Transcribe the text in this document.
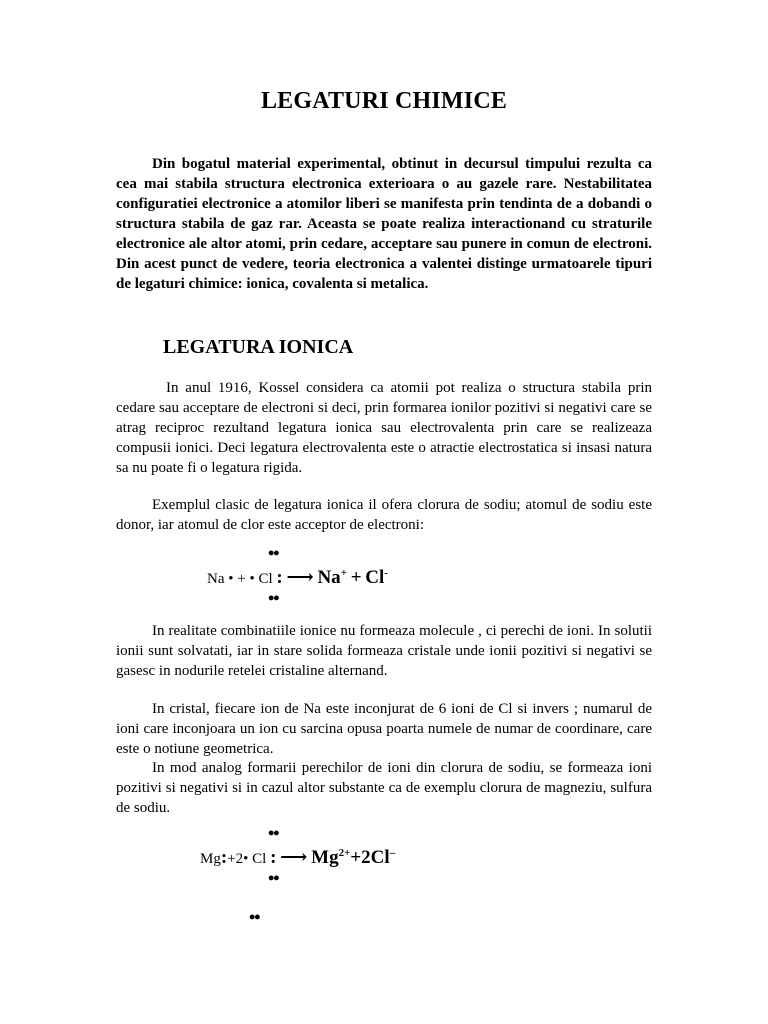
LEGATURI CHIMICE
Din bogatul material experimental, obtinut in decursul timpului rezulta ca cea mai stabila structura electronica exterioara o au gazele rare. Nestabilitatea configuratiei electronice a atomilor liberi se manifesta prin tendinta de a dobandi o structura stabila de gaz rar. Aceasta se poate realiza interactionand cu straturile electronice ale altor atomi, prin cedare, acceptare sau punere in comun de electroni. Din acest punct de vedere, teoria electronica a valentei distinge urmatoarele tipuri de legaturi chimice: ionica, covalenta si metalica.
LEGATURA IONICA
In anul 1916, Kossel considera ca atomii pot realiza o structura stabila prin cedare sau acceptare de electroni si deci, prin formarea ionilor pozitivi si negativi care se atrag reciproc rezultand legatura ionica sau electrovalenta prin care se realizeaza compusii ionici. Deci legatura electrovalenta este o atractie electrostatica si insasi natura sa nu poate fi o legatura rigida.
Exemplul clasic de legatura ionica il ofera clorura de sodiu; atomul de sodiu este donor, iar atomul de clor este acceptor de electroni:
••
Na • + • Cl : ⟶ Na+ + Cl-
••
In realitate combinatiile ionice nu formeaza molecule , ci perechi de ioni. In solutii ionii sunt solvatati, iar in stare solida formeaza cristale unde ionii pozitivi si negativi se gasesc in nodurile retelei cristaline alternand.
In cristal, fiecare ion de Na este inconjurat de 6 ioni de Cl si invers ; numarul de ioni care inconjoara un ion cu sarcina opusa poarta numele de numar de coordinare, care este o notiune geometrica.
In mod analog formarii perechilor de ioni din clorura de sodiu, se formeaza ioni pozitivi si negativi si in cazul altor substante ca de exemplu clorura de magneziu, sulfura de sodiu.
••
Mg:+2• Cl : ⟶ $Mg^{2+}+2Cl^-$
••
••
